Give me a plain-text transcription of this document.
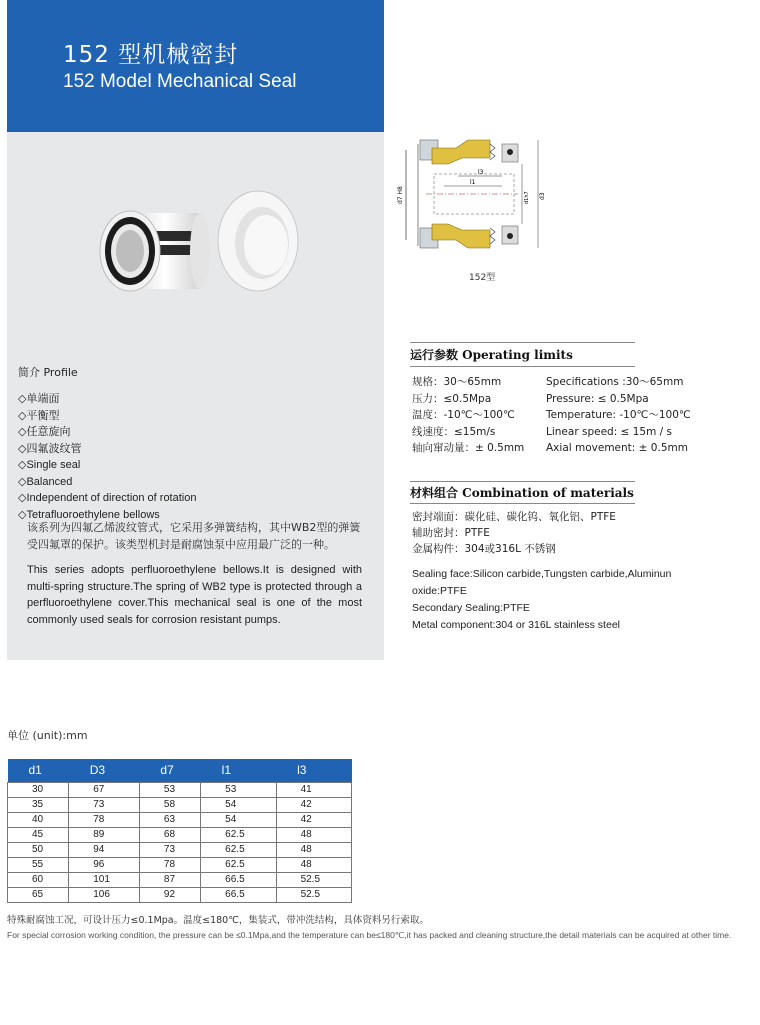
152 型机械密封
152 Model Mechanical Seal
简介 Profile
◇单端面
◇平衡型
◇任意旋向
◇四氟波纹管
◇Single seal
◇Balanced
◇Independent of direction of rotation
◇Tetrafluoroethylene bellows
该系列为四氟乙烯波纹管式，它采用多弹簧结构，其中WB2型的弹簧受四氟罩的保护。该类型机封是耐腐蚀泵中应用最广泛的一种。
This series adopts perfluoroethylene bellows.It is designed with multi-spring structure.The spring of WB2 type is protected through a perfluoroethylene cover.This mechanical seal is one of the most commonly used seals for corrosion resistant pumps.
d7 H8
l3
l1
d1h7 d3
152型
运行参数 Operating limits
规格：30～65mm	Specifications :30～65mm
压力：≤0.5Mpa	Pressure: ≤ 0.5Mpa
温度：-10℃～100℃	Temperature: -10℃～100℃
线速度：≤15m/s	Linear speed: ≤ 15m / s
轴向窜动量：± 0.5mm	Axial movement: ± 0.5mm
材料组合 Combination of materials
密封端面：碳化硅、碳化钨、氧化铝、PTFE
辅助密封：PTFE
金属构件：304或316L 不锈钢
Sealing face:Silicon carbide,Tungsten carbide,Aluminun oxide:PTFE
Secondary Sealing:PTFE
Metal component:304 or 316L stainless steel
单位 (unit):mm
d1	D3	d7	l1	l3
30	67	53	53	41
35	73	58	54	42
40	78	63	54	42
45	89	68	62.5	48
50	94	73	62.5	48
55	96	78	62.5	48
60	101	87	66.5	52.5
65	106	92	66.5	52.5
特殊耐腐蚀工况，可设计压力≤0.1Mpa。温度≤180℃，集装式，带冲洗结构，具体资料另行索取。
For special corrosion working condition, the pressure can be ≤0.1Mpa,and the temperature can be≤180℃,it has packed and cleaning structure,the detail materials can be acquired at other time.
